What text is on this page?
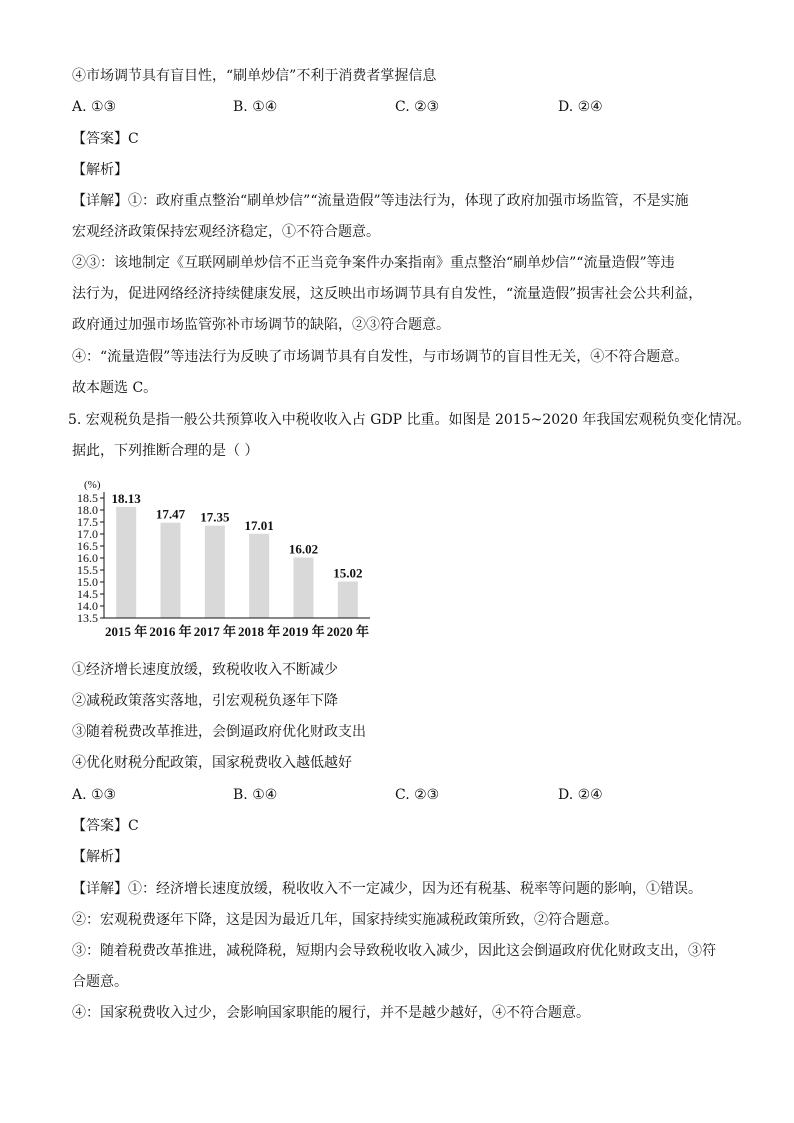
④市场调节具有盲目性，“刷单炒信”不利于消费者掌握信息
A. ①③	B. ①④	C. ②③	D. ②④
【答案】C
【解析】
【详解】①：政府重点整治“刷单炒信”“流量造假”等违法行为，体现了政府加强市场监管，不是实施
宏观经济政策保持宏观经济稳定，①不符合题意。
②③：该地制定《互联网刷单炒信不正当竞争案件办案指南》重点整治“刷单炒信”“流量造假”等违
法行为，促进网络经济持续健康发展，这反映出市场调节具有自发性，“流量造假”损害社会公共利益，
政府通过加强市场监管弥补市场调节的缺陷，②③符合题意。
④：“流量造假”等违法行为反映了市场调节具有自发性，与市场调节的盲目性无关，④不符合题意。
故本题选 C。
5. 宏观税负是指一般公共预算收入中税收收入占 GDP 比重。如图是 2015~2020 年我国宏观税负变化情况。
据此，下列推断合理的是（ ）
(%)
18.5
18.0
17.5
17.0
16.5
16.0
15.5
15.0
14.5
14.0
13.5
18.13
2015 年
17.47
2016 年
17.35
2017 年
17.01
2018 年
16.02
2019 年
15.02
2020 年
①经济增长速度放缓，致税收收入不断减少
②减税政策落实落地，引宏观税负逐年下降
③随着税费改革推进，会倒逼政府优化财政支出
④优化财税分配政策，国家税费收入越低越好
A. ①③	B. ①④	C. ②③	D. ②④
【答案】C
【解析】
【详解】①：经济增长速度放缓，税收收入不一定减少，因为还有税基、税率等问题的影响，①错误。
②：宏观税费逐年下降，这是因为最近几年，国家持续实施减税政策所致，②符合题意。
③：随着税费改革推进，减税降税，短期内会导致税收收入减少，因此这会倒逼政府优化财政支出，③符
合题意。
④：国家税费收入过少，会影响国家职能的履行，并不是越少越好，④不符合题意。
